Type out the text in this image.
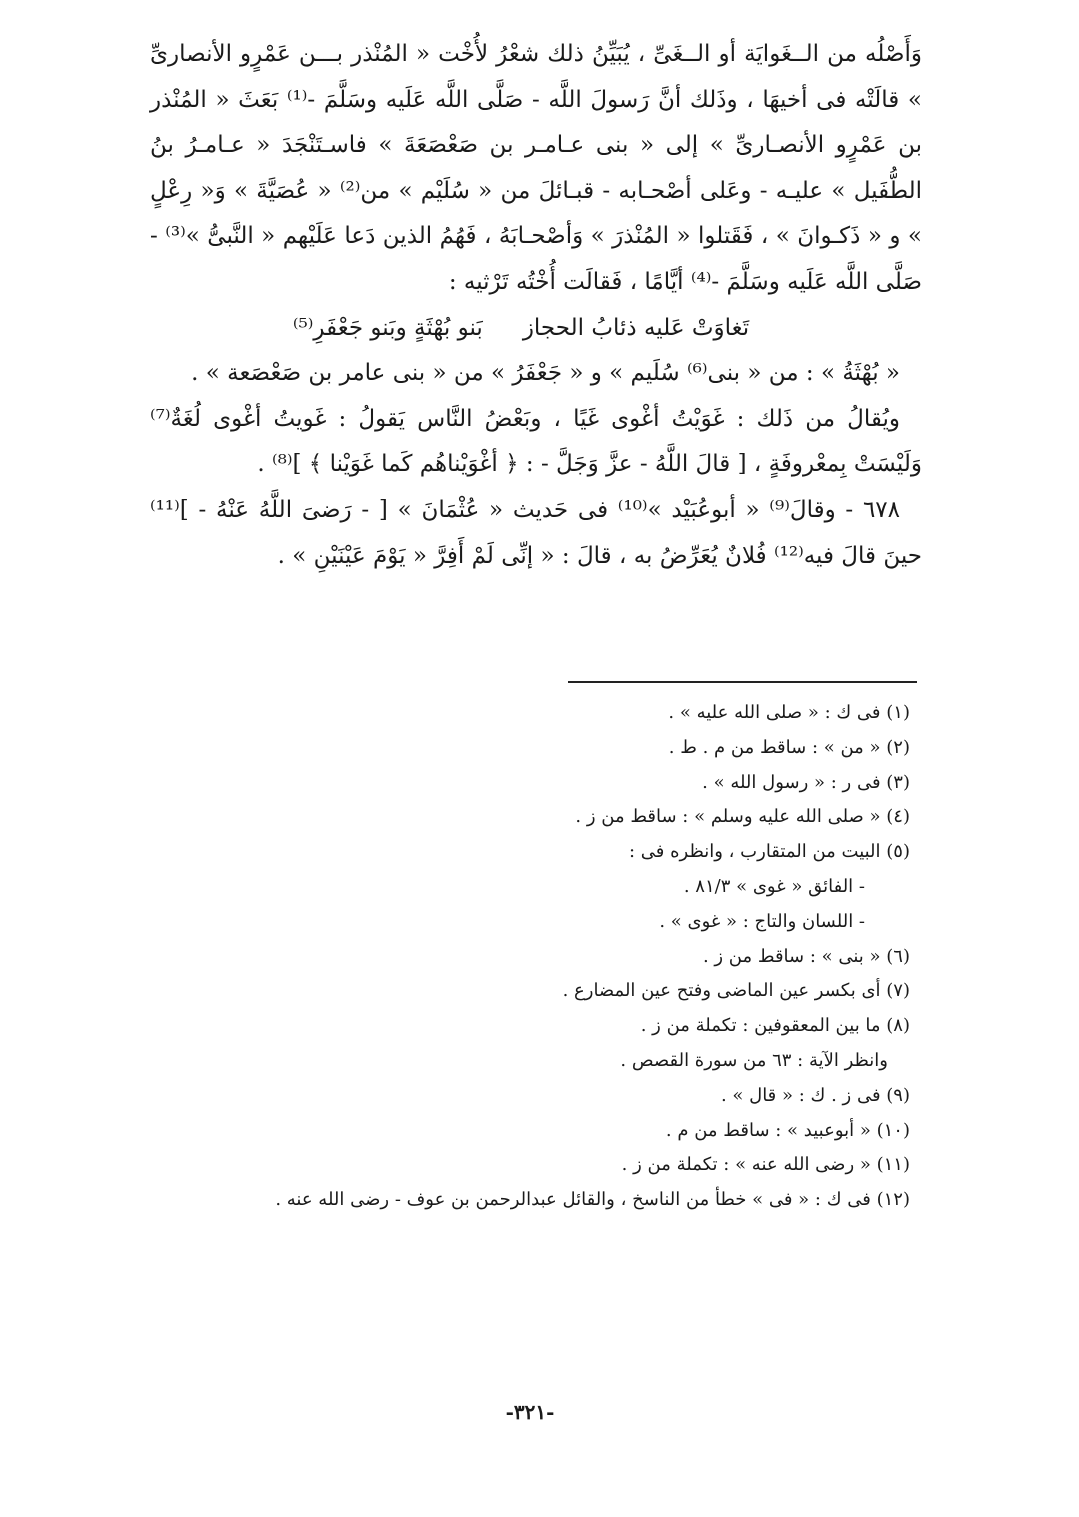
وَأَصْلُه من الــغَوايَة أو الــغَىِّ ، يُبَيِّنُ ذلك شعْرُ لأُخْت « المُنْذر بـــن عَمْرٍو الأنصارىِّ » قالَتْه فى أخيهَا ، وذَلك أنَّ رَسولَ اللَّه - صَلَّى اللَّه عَلَيه وسَلَّمَ -⁽¹⁾ بَعَثَ « المُنْذر بن عَمْرٍو الأنصـارىِّ » إلى « بنى عـامـر بن صَعْصَعَةَ » فاسـتَنْجَدَ « عـامـرُ بنُ الطُّفَيل » عليـه - وعَلى أصْحـابه - قبـائلَ من « سُلَيْم » من⁽²⁾ « عُصَيَّةَ » وَ« رِعْلٍ » و « ذَكـوانَ » ، فَقَتلوا « المُنْذرَ » وَأصْحـابَهُ ، فَهُمُ الذين دَعا عَلَيْهم « النَّبىُّ »⁽³⁾ - صَلَّى اللَّه عَلَيه وسَلَّمَ -⁽⁴⁾ أيَّامًا ، فَقالَت أُخْتُه تَرْثيه :

تَغاوَتْ عَليه ذئابُ الحجاز
بَنو بُهْثَةٍ وبَنو جَعْفَرِ⁽⁵⁾

« بُهْثَةُ » : من « بنى⁽⁶⁾ سُلَيم » و « جَعْفَرُ » من « بنى عامر بن صَعْصَعة » .

ويُقالُ من ذَلك : غَوَيْتُ أغْوى غَيًا ، وبَعْضُ النَّاس يَقولُ : غَويتُ أغْوى لُغَةٌ⁽⁷⁾ وَلَيْسَتْ بِمعْروفَةٍ ، [ قالَ اللَّهُ - عزَّ وَجَلَّ - : ﴿ أغْوَيْناهُم كَما غَوَيْنا ﴾ ]⁽⁸⁾ .

٦٧٨ - وقالَ⁽⁹⁾ « أبوعُبَيْد »⁽¹⁰⁾ فى حَديث « عُثْمَانَ » [ - رَضىَ اللَّهُ عَنْهُ - ]⁽¹¹⁾ حينَ قالَ فيه⁽¹²⁾ فُلانٌ يُعَرِّضُ به ، قالَ : « إنِّى لَمْ أَفِرَّ « يَوْمَ عَيْنَيْنِ » .

(١) فى ك : « صلى الله عليه » .

(٢) « من » : ساقط من م . ط .

(٣) فى ر : « رسول الله » .

(٤) « صلى الله عليه وسلم » : ساقط من ز .

(٥) البيت من المتقارب ، وانظره فى :

- الفائق « غوى » ٨١/٣ .

- اللسان والتاج : « غوى » .

(٦) « بنى » : ساقط من ز .

(٧) أى بكسر عين الماضى وفتح عين المضارع .

(٨) ما بين المعقوفين : تكملة من ز .

وانظر الآية : ٦٣ من سورة القصص .

(٩) فى ز . ك : « قال » .

(١٠) « أبوعبيد » : ساقط من م .

(١١) « رضى الله عنه » : تكملة من ز .

(١٢) فى ك : « فى » خطأ من الناسخ ، والقائل عبدالرحمن بن عوف - رضى الله عنه .

-٣٢١-
